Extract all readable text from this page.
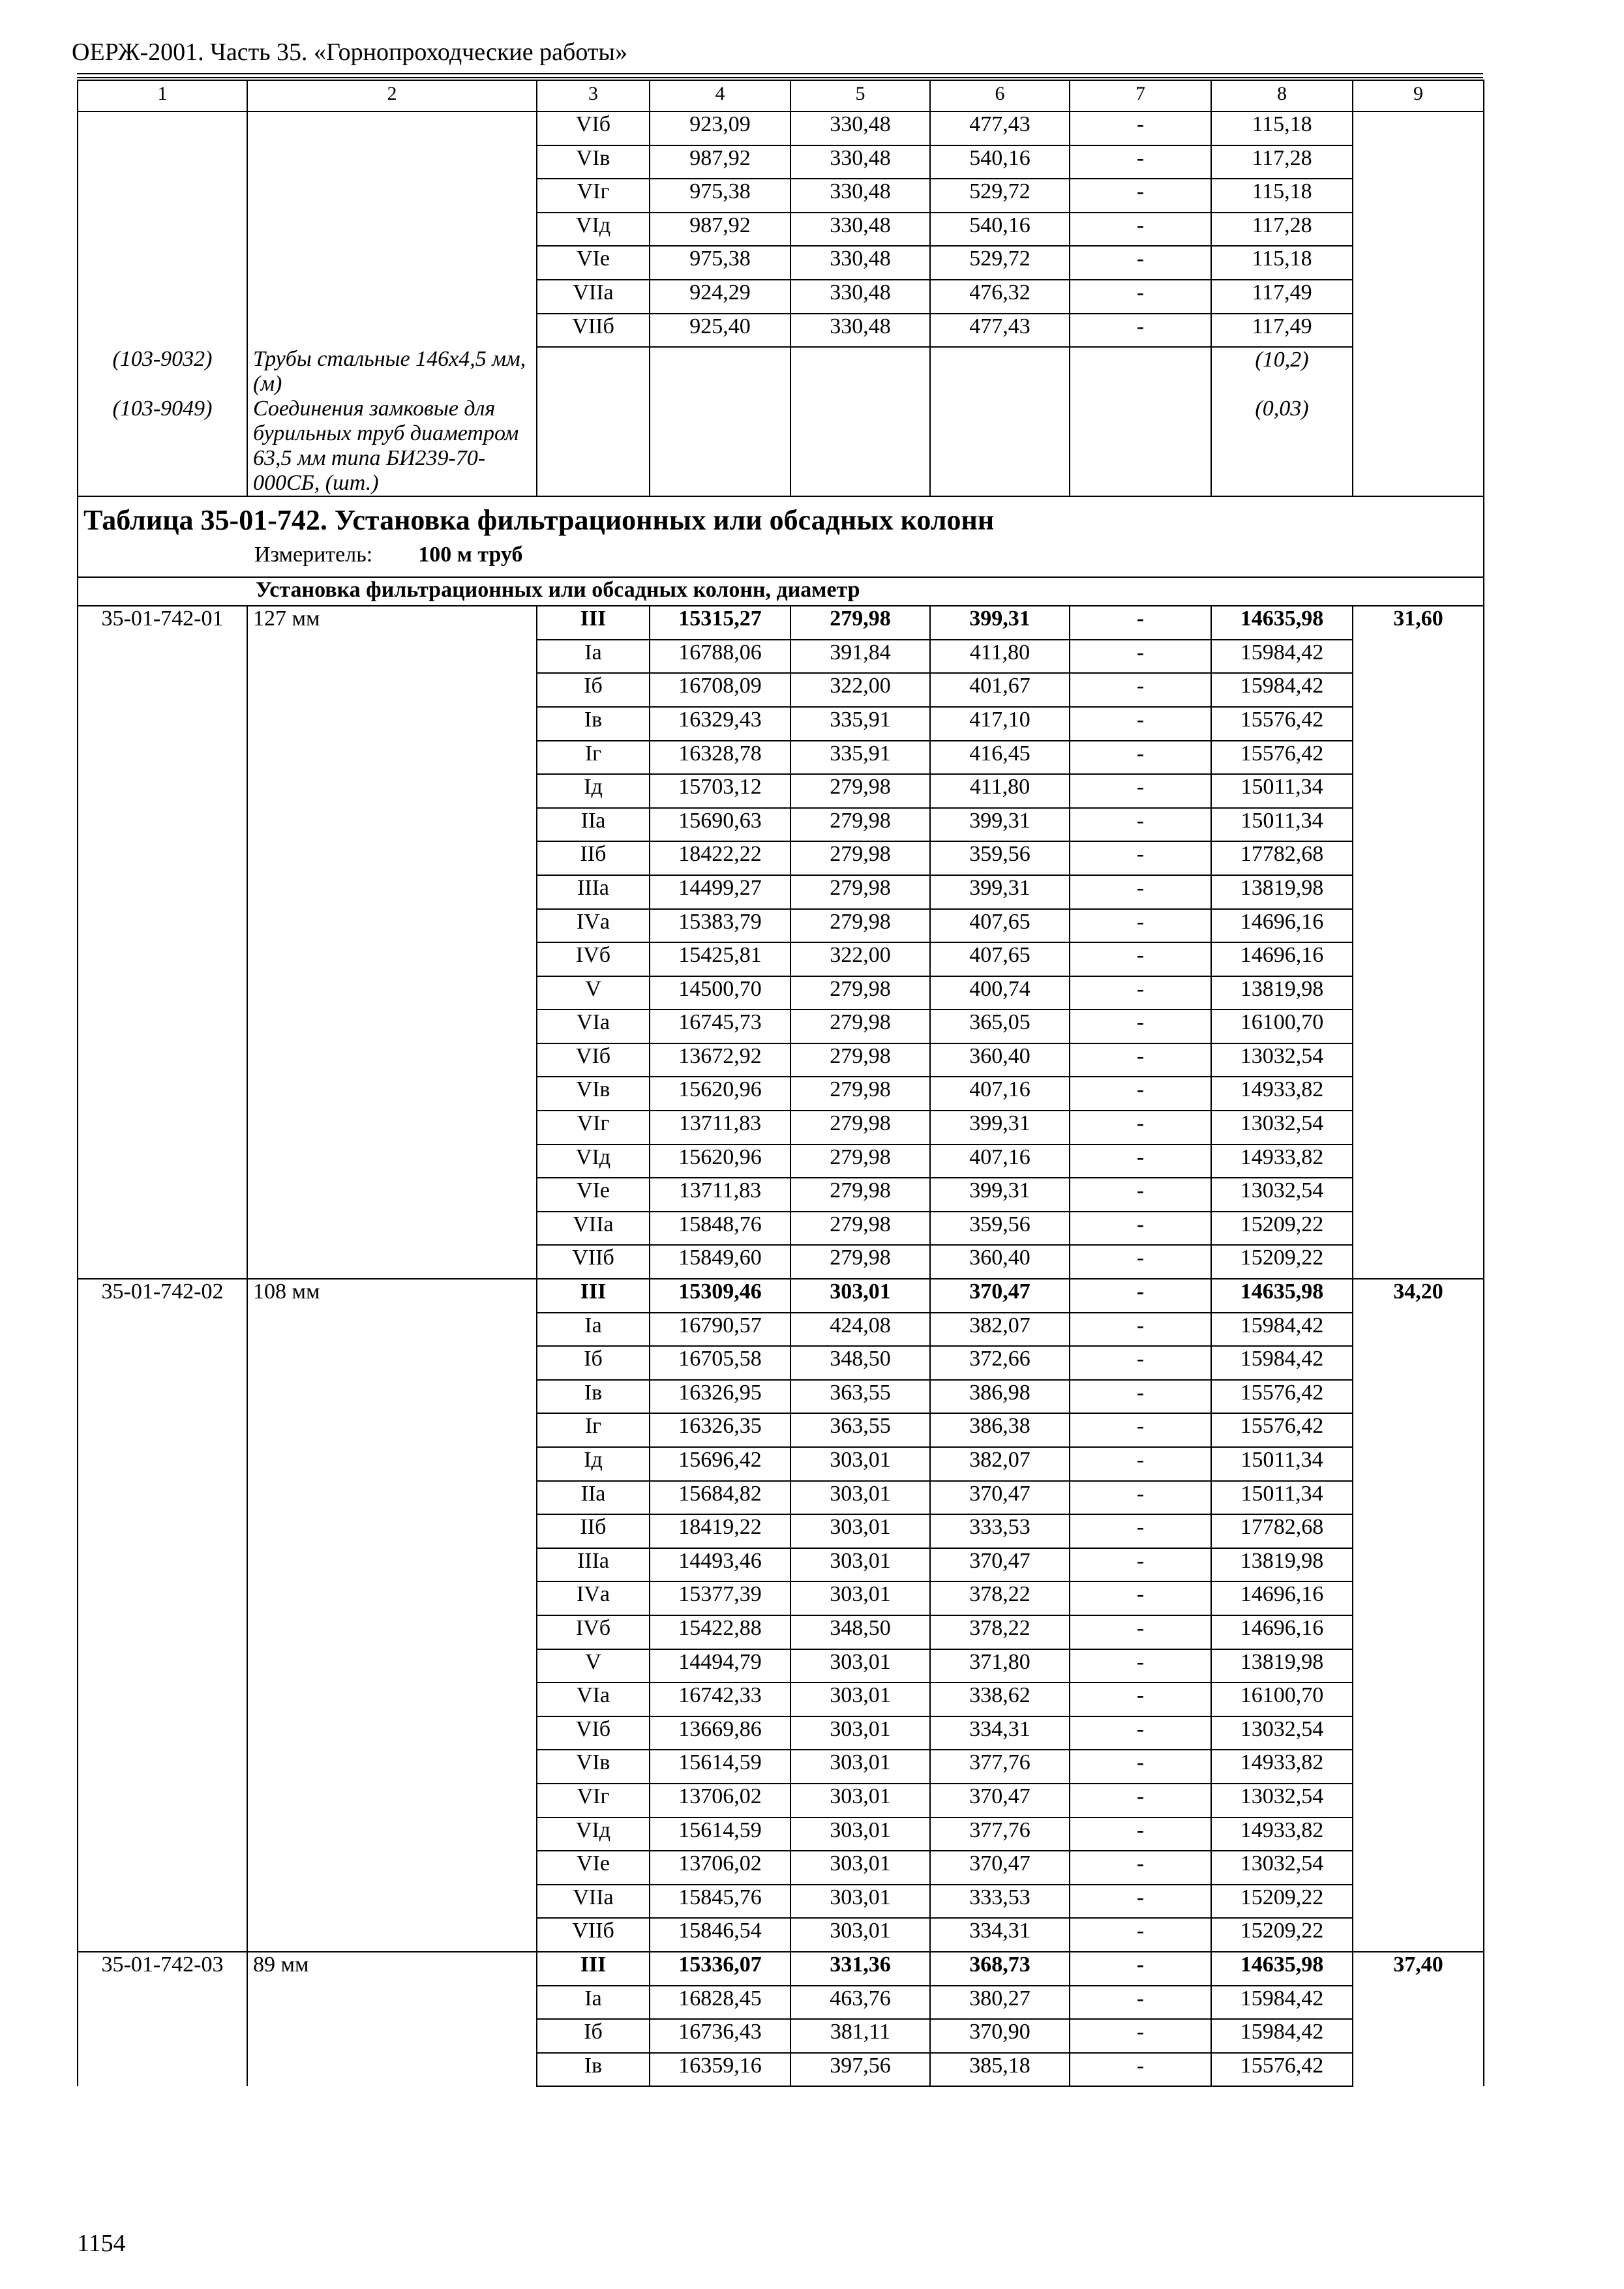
ОЕРЖ-2001. Часть 35. «Горнопроходческие работы»
1	2	3	4	5	6	7	8	9
		VIб	923,09	330,48	477,43	-	115,18	
		VIв	987,92	330,48	540,16	-	117,28	
		VIг	975,38	330,48	529,72	-	115,18	
		VIд	987,92	330,48	540,16	-	117,28	
		VIе	975,38	330,48	529,72	-	115,18	
		VIIа	924,29	330,48	476,32	-	117,49	
		VIIб	925,40	330,48	477,43	-	117,49	
(103-9032)	Трубы стальные 146х4,5 мм, (м)						(10,2)	
(103-9049)	Соединения замковые для бурильных труб диаметром 63,5 мм типа БИ239-70-000СБ, (шт.)						(0,03)	

Таблица 35-01-742. Установка фильтрационных или обсадных колонн
Измеритель: 100 м труб								

Установка фильтрационных или обсадных колонн, диаметр								
35-01-742-01	127 мм	III	15315,27	279,98	399,31	-	14635,98	31,60
		Iа	16788,06	391,84	411,80	-	15984,42	
		Iб	16708,09	322,00	401,67	-	15984,42	
		Iв	16329,43	335,91	417,10	-	15576,42	
		Iг	16328,78	335,91	416,45	-	15576,42	
		Iд	15703,12	279,98	411,80	-	15011,34	
		IIа	15690,63	279,98	399,31	-	15011,34	
		IIб	18422,22	279,98	359,56	-	17782,68	
		IIIа	14499,27	279,98	399,31	-	13819,98	
		IVа	15383,79	279,98	407,65	-	14696,16	
		IVб	15425,81	322,00	407,65	-	14696,16	
		V	14500,70	279,98	400,74	-	13819,98	
		VIа	16745,73	279,98	365,05	-	16100,70	
		VIб	13672,92	279,98	360,40	-	13032,54	
		VIв	15620,96	279,98	407,16	-	14933,82	
		VIг	13711,83	279,98	399,31	-	13032,54	
		VIд	15620,96	279,98	407,16	-	14933,82	
		VIе	13711,83	279,98	399,31	-	13032,54	
		VIIа	15848,76	279,98	359,56	-	15209,22	
		VIIб	15849,60	279,98	360,40	-	15209,22	
35-01-742-02	108 мм	III	15309,46	303,01	370,47	-	14635,98	34,20
		Iа	16790,57	424,08	382,07	-	15984,42	
		Iб	16705,58	348,50	372,66	-	15984,42	
		Iв	16326,95	363,55	386,98	-	15576,42	
		Iг	16326,35	363,55	386,38	-	15576,42	
		Iд	15696,42	303,01	382,07	-	15011,34	
		IIа	15684,82	303,01	370,47	-	15011,34	
		IIб	18419,22	303,01	333,53	-	17782,68	
		IIIа	14493,46	303,01	370,47	-	13819,98	
		IVа	15377,39	303,01	378,22	-	14696,16	
		IVб	15422,88	348,50	378,22	-	14696,16	
		V	14494,79	303,01	371,80	-	13819,98	
		VIа	16742,33	303,01	338,62	-	16100,70	
		VIб	13669,86	303,01	334,31	-	13032,54	
		VIв	15614,59	303,01	377,76	-	14933,82	
		VIг	13706,02	303,01	370,47	-	13032,54	
		VIд	15614,59	303,01	377,76	-	14933,82	
		VIе	13706,02	303,01	370,47	-	13032,54	
		VIIа	15845,76	303,01	333,53	-	15209,22	
		VIIб	15846,54	303,01	334,31	-	15209,22	
35-01-742-03	89 мм	III	15336,07	331,36	368,73	-	14635,98	37,40
		Iа	16828,45	463,76	380,27	-	15984,42	
		Iб	16736,43	381,11	370,90	-	15984,42	
		Iв	16359,16	397,56	385,18	-	15576,42	
1154
